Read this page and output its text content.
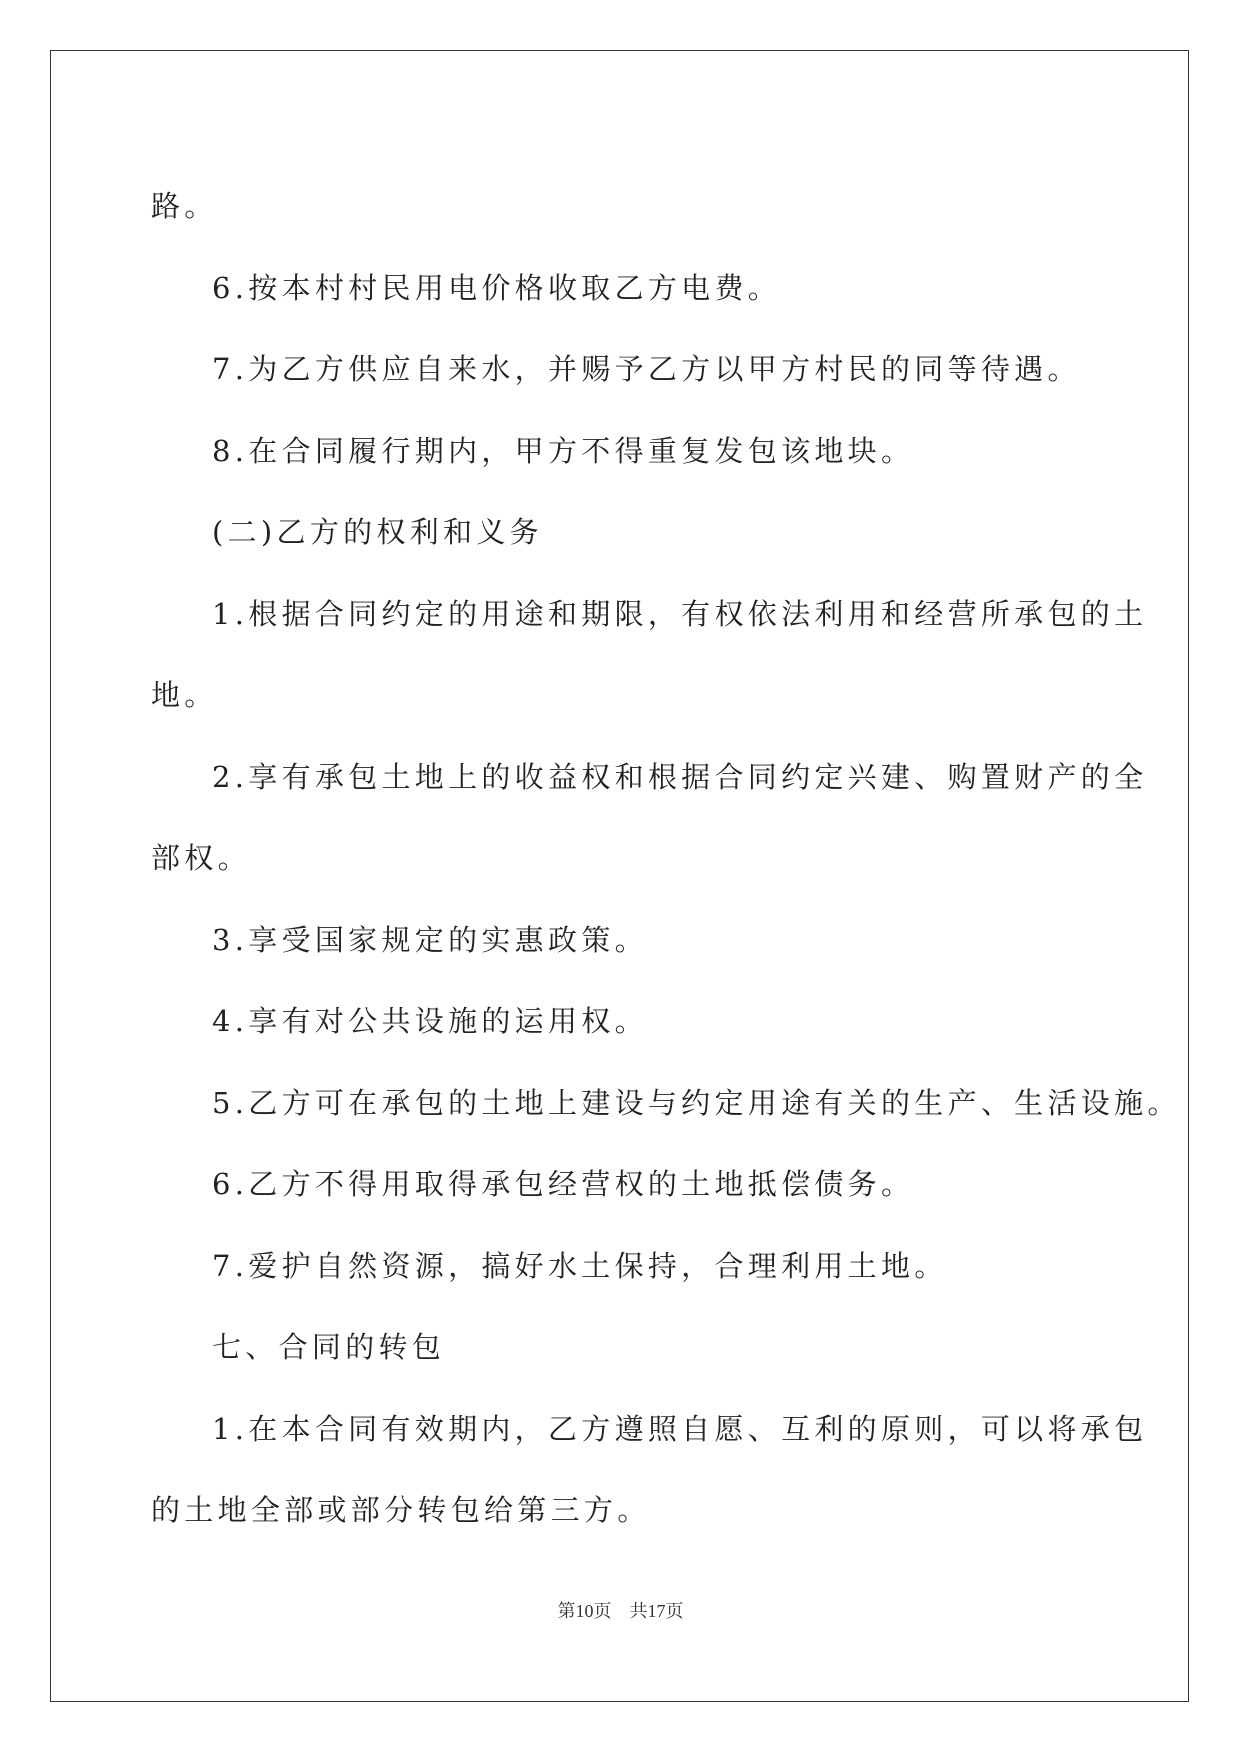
路。
6.按本村村民用电价格收取乙方电费。
7.为乙方供应自来水，并赐予乙方以甲方村民的同等待遇。
8.在合同履行期内，甲方不得重复发包该地块。
(二)乙方的权利和义务
1.根据合同约定的用途和期限，有权依法利用和经营所承包的土
地。
2.享有承包土地上的收益权和根据合同约定兴建、购置财产的全
部权。
3.享受国家规定的实惠政策。
4.享有对公共设施的运用权。
5.乙方可在承包的土地上建设与约定用途有关的生产、生活设施。
6.乙方不得用取得承包经营权的土地抵偿债务。
7.爱护自然资源，搞好水土保持，合理利用土地。
七、合同的转包
1.在本合同有效期内，乙方遵照自愿、互利的原则，可以将承包
的土地全部或部分转包给第三方。
第10页 共17页
